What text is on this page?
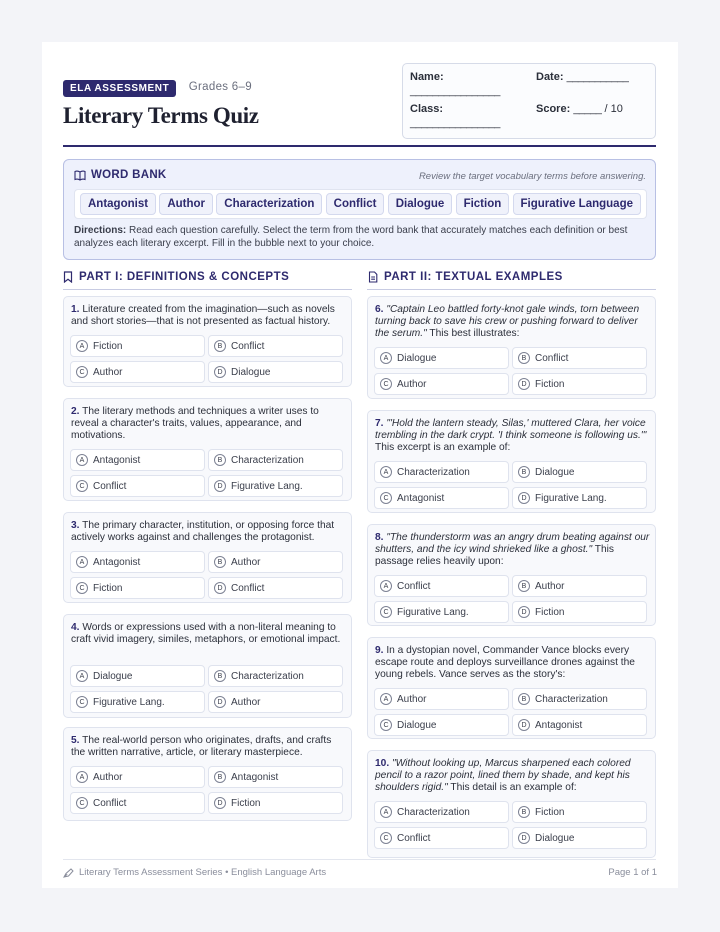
ELA ASSESSMENT Grades 6–9
Literary Terms Quiz
Name:
________________
Date: ___________
Class:
________________
Score: _____ / 10
WORD BANK	Review the target vocabulary terms before answering.
Antagonist	Author	Characterization	Conflict	Dialogue	Fiction	Figurative Language
Directions: Read each question carefully. Select the term from the word bank that accurately matches each definition or best analyzes each literary excerpt. Fill in the bubble next to your choice.
PART I: DEFINITIONS & CONCEPTS	PART II: TEXTUAL EXAMPLES
1. Literature created from the imagination—such as novels and short stories—that is not presented as factual history.
A Fiction	B Conflict
C Author	D Dialogue
2. The literary methods and techniques a writer uses to reveal a character's traits, values, appearance, and motivations.
A Antagonist	B Characterization
C Conflict	D Figurative Lang.
3. The primary character, institution, or opposing force that actively works against and challenges the protagonist.
A Antagonist	B Author
C Fiction	D Conflict
4. Words or expressions used with a non-literal meaning to craft vivid imagery, similes, metaphors, or emotional impact.
A Dialogue	B Characterization
C Figurative Lang.	D Author
5. The real-world person who originates, drafts, and crafts the written narrative, article, or literary masterpiece.
A Author	B Antagonist
C Conflict	D Fiction
6. "Captain Leo battled forty-knot gale winds, torn between turning back to save his crew or pushing forward to deliver the serum." This best illustrates:
A Dialogue	B Conflict
C Author	D Fiction
7. "'Hold the lantern steady, Silas,' muttered Clara, her voice trembling in the dark crypt. 'I think someone is following us.'" This excerpt is an example of:
A Characterization	B Dialogue
C Antagonist	D Figurative Lang.
8. "The thunderstorm was an angry drum beating against our shutters, and the icy wind shrieked like a ghost." This passage relies heavily upon:
A Conflict	B Author
C Figurative Lang.	D Fiction
9. In a dystopian novel, Commander Vance blocks every escape route and deploys surveillance drones against the young rebels. Vance serves as the story's:
A Author	B Characterization
C Dialogue	D Antagonist
10. "Without looking up, Marcus sharpened each colored pencil to a razor point, lined them by shade, and kept his shoulders rigid." This detail is an example of:
A Characterization	B Fiction
C Conflict	D Dialogue
Literary Terms Assessment Series • English Language Arts	Page 1 of 1
